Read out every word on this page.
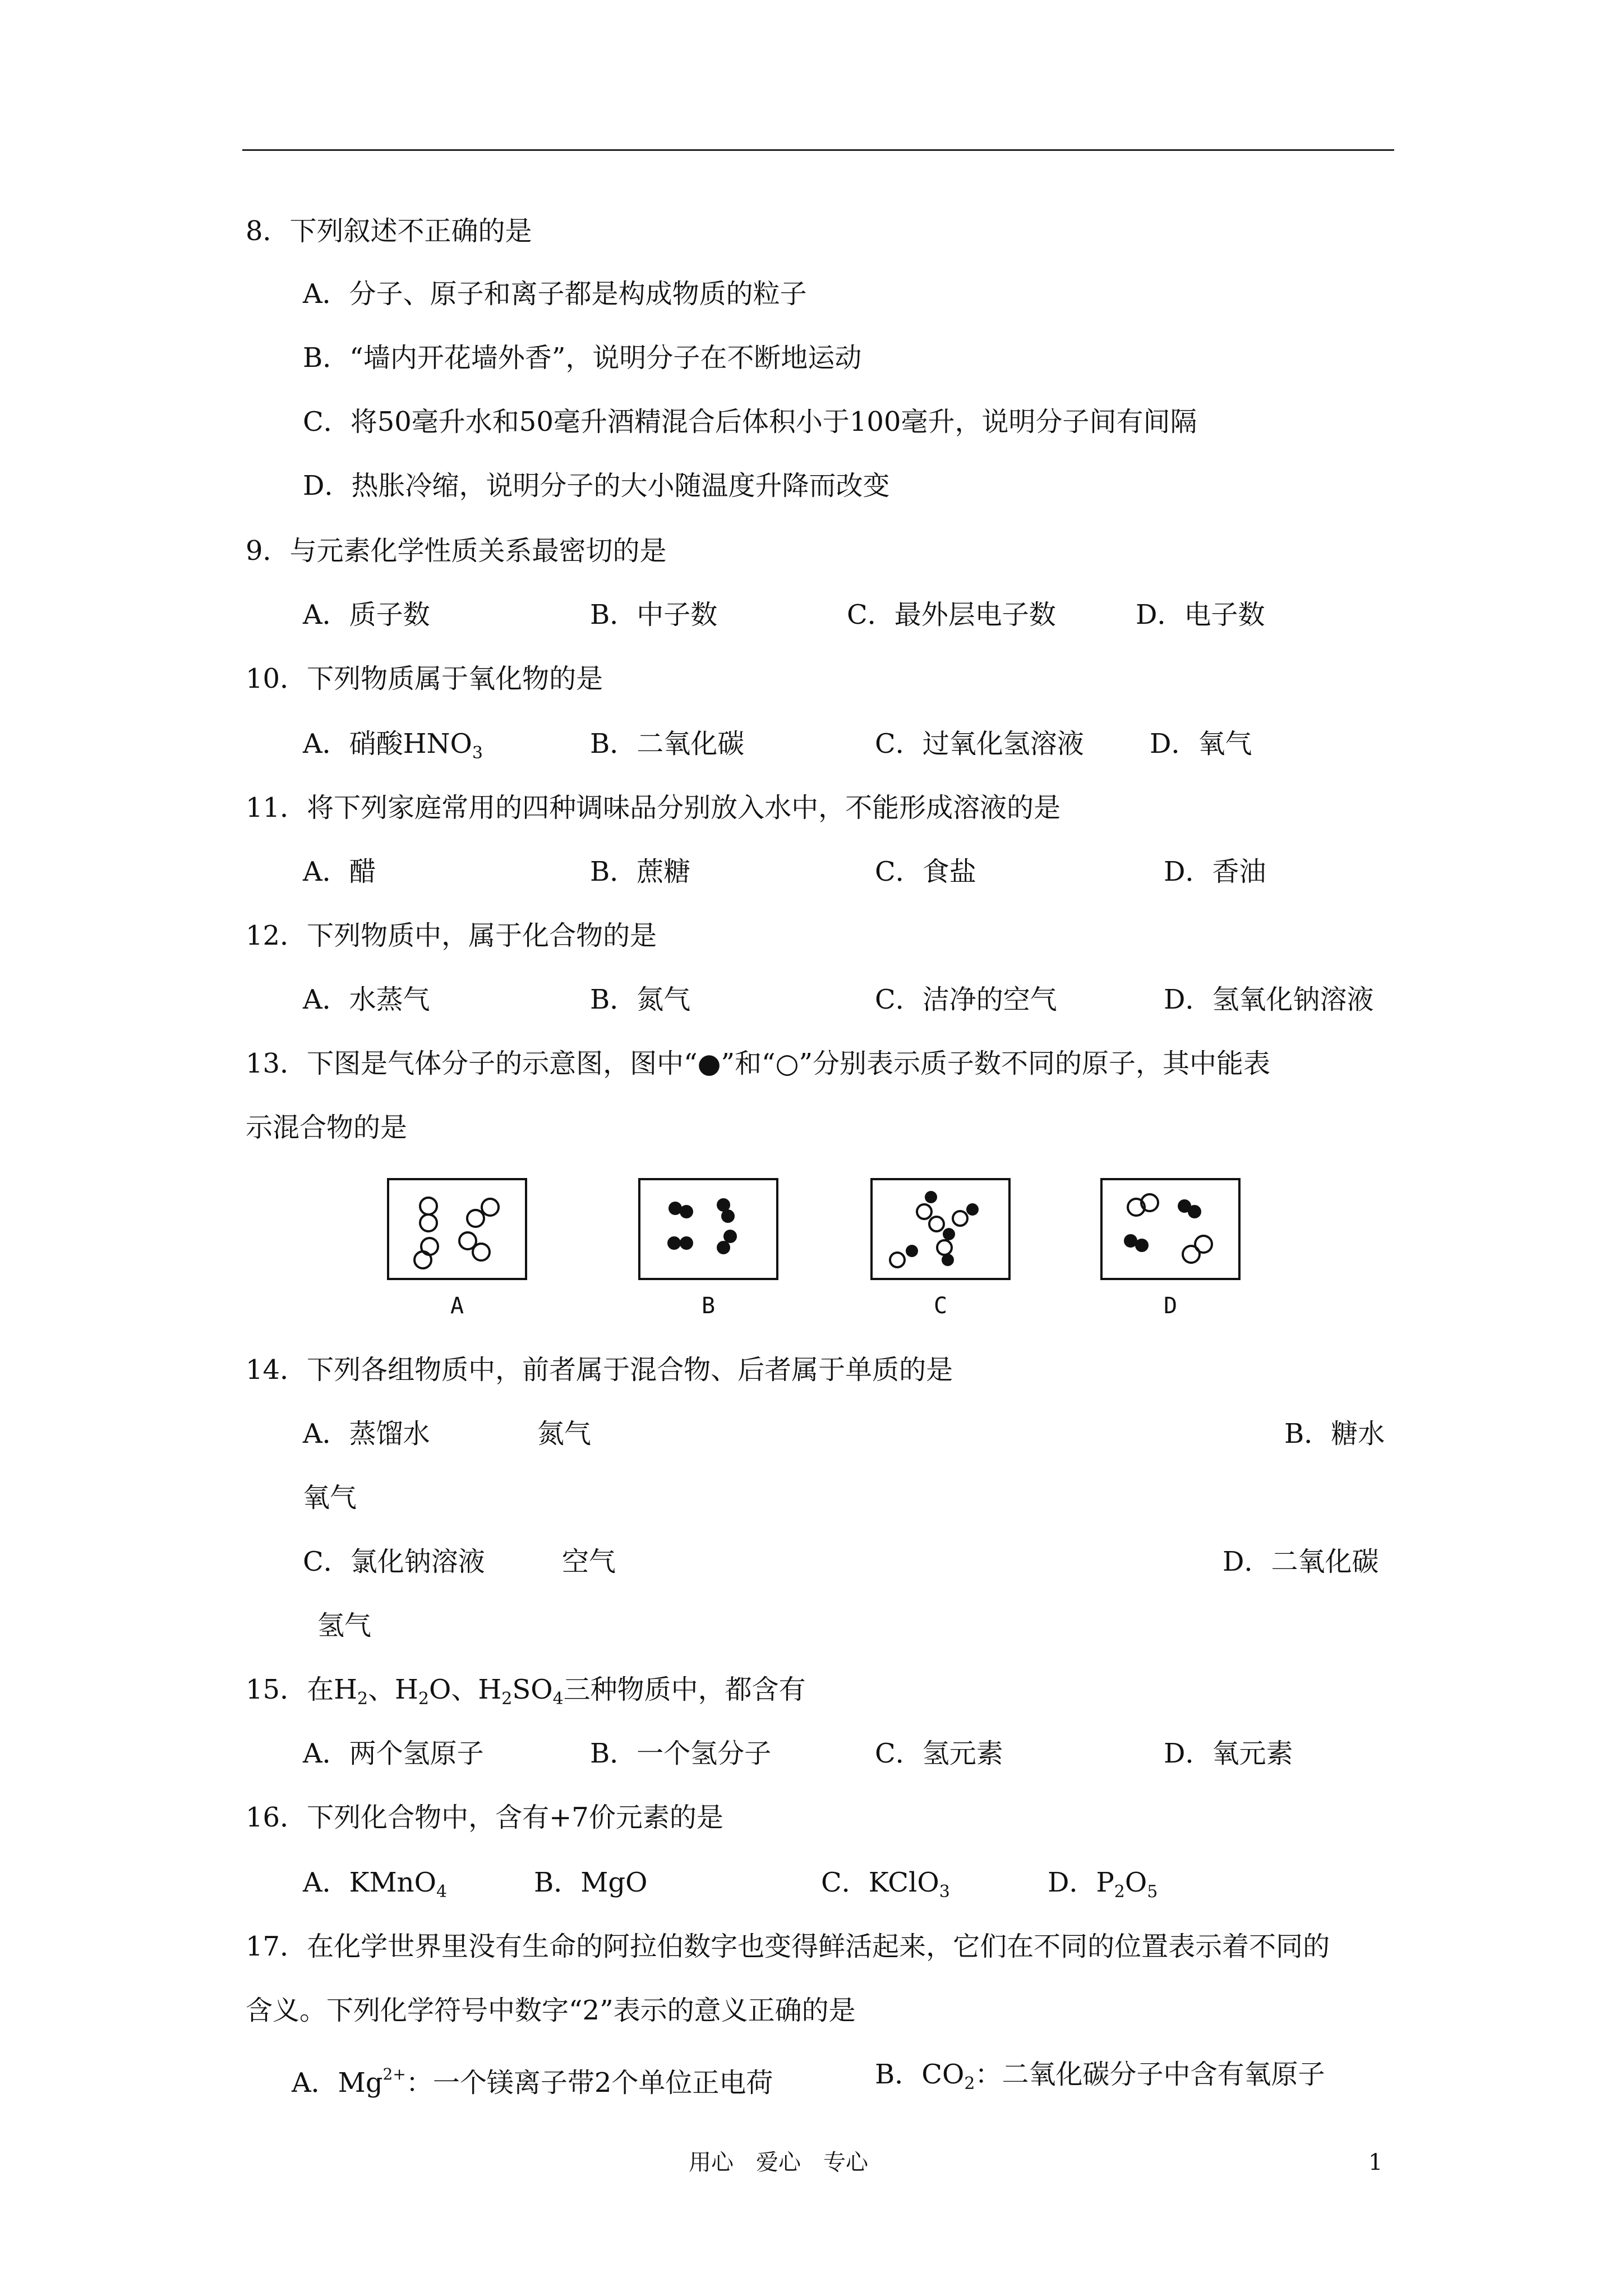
8．下列叙述不正确的是
A．分子、原子和离子都是构成物质的粒子
B．“墙内开花墙外香”，说明分子在不断地运动
C．将50毫升水和50毫升酒精混合后体积小于100毫升，说明分子间有间隔
D．热胀冷缩，说明分子的大小随温度升降而改变
9．与元素化学性质关系最密切的是
A．质子数	B．中子数	C．最外层电子数	D．电子数
10．下列物质属于氧化物的是
A．硝酸$HNO_3$	B．二氧化碳	C．过氧化氢溶液 D．氧气
11．将下列家庭常用的四种调味品分别放入水中，不能形成溶液的是
A．醋	B．蔗糖	C．食盐	D．香油
12．下列物质中，属于化合物的是
A．水蒸气	B．氮气	C．洁净的空气	D．氢氧化钠溶液
13．下图是气体分子的示意图，图中“●”和“○”分别表示质子数不同的原子，其中能表
示混合物的是
A	B	C	D
14．下列各组物质中，前者属于混合物、后者属于单质的是
A．蒸馏水	氮气	B．糖水
氧气
C．氯化钠溶液	空气	D．二氧化碳
氢气
15．在$H_2$、$H_2O$、$H_2SO_4$三种物质中，都含有
A．两个氢原子	B．一个氢分子	C．氢元素	D．氧元素
16．下列化合物中，含有+7价元素的是
A．KMnO$_4$	B．MgO	C．KClO$_3$	D．$P_2O_5$
17．在化学世界里没有生命的阿拉伯数字也变得鲜活起来，它们在不同的位置表示着不同的
含义。下列化学符号中数字“2”表示的意义正确的是
A．$Mg^{2+}$：一个镁离子带2个单位正电荷	B．$CO_2$：二氧化碳分子中含有氧原子
用心　爱心　专心	1
